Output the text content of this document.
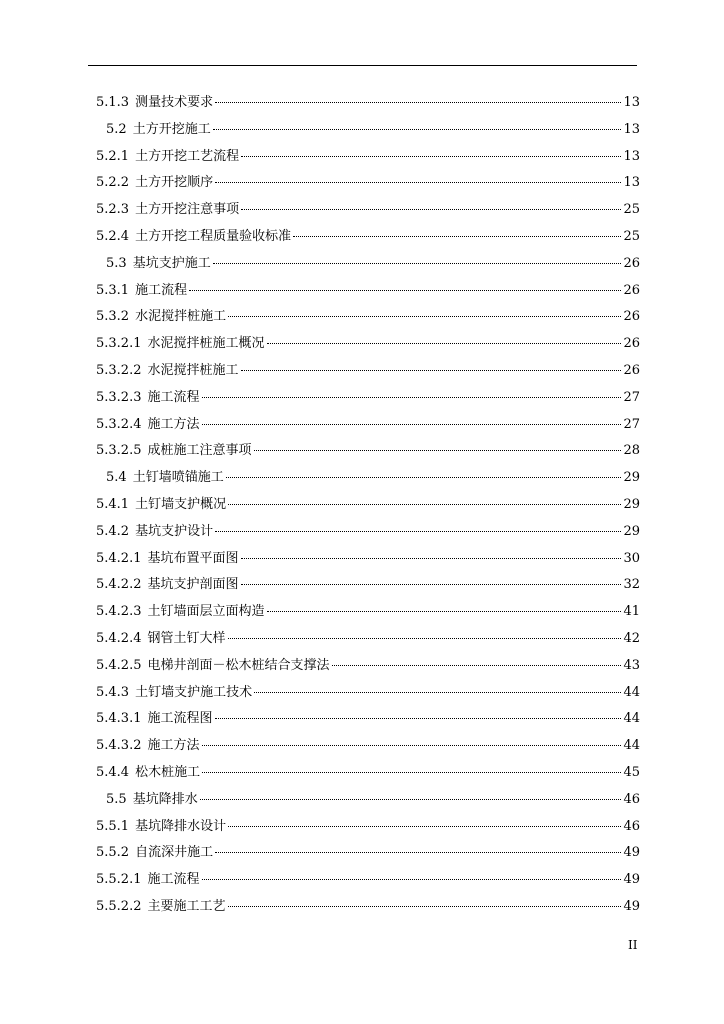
5.1.3 测量技术要求	13
5.2 土方开挖施工	13
5.2.1 土方开挖工艺流程	13
5.2.2 土方开挖顺序	13
5.2.3 土方开挖注意事项	25
5.2.4 土方开挖工程质量验收标准	25
5.3 基坑支护施工	26
5.3.1 施工流程	26
5.3.2 水泥搅拌桩施工	26
5.3.2.1 水泥搅拌桩施工概况	26
5.3.2.2 水泥搅拌桩施工	26
5.3.2.3 施工流程	27
5.3.2.4 施工方法	27
5.3.2.5 成桩施工注意事项	28
5.4 土钉墙喷锚施工	29
5.4.1 土钉墙支护概况	29
5.4.2 基坑支护设计	29
5.4.2.1 基坑布置平面图	30
5.4.2.2 基坑支护剖面图	32
5.4.2.3 土钉墙面层立面构造	41
5.4.2.4 钢管土钉大样	42
5.4.2.5 电梯井剖面－松木桩结合支撑法	43
5.4.3 土钉墙支护施工技术	44
5.4.3.1 施工流程图	44
5.4.3.2 施工方法	44
5.4.4 松木桩施工	45
5.5 基坑降排水	46
5.5.1 基坑降排水设计	46
5.5.2 自流深井施工	49
5.5.2.1 施工流程	49
5.5.2.2 主要施工工艺	49
II
